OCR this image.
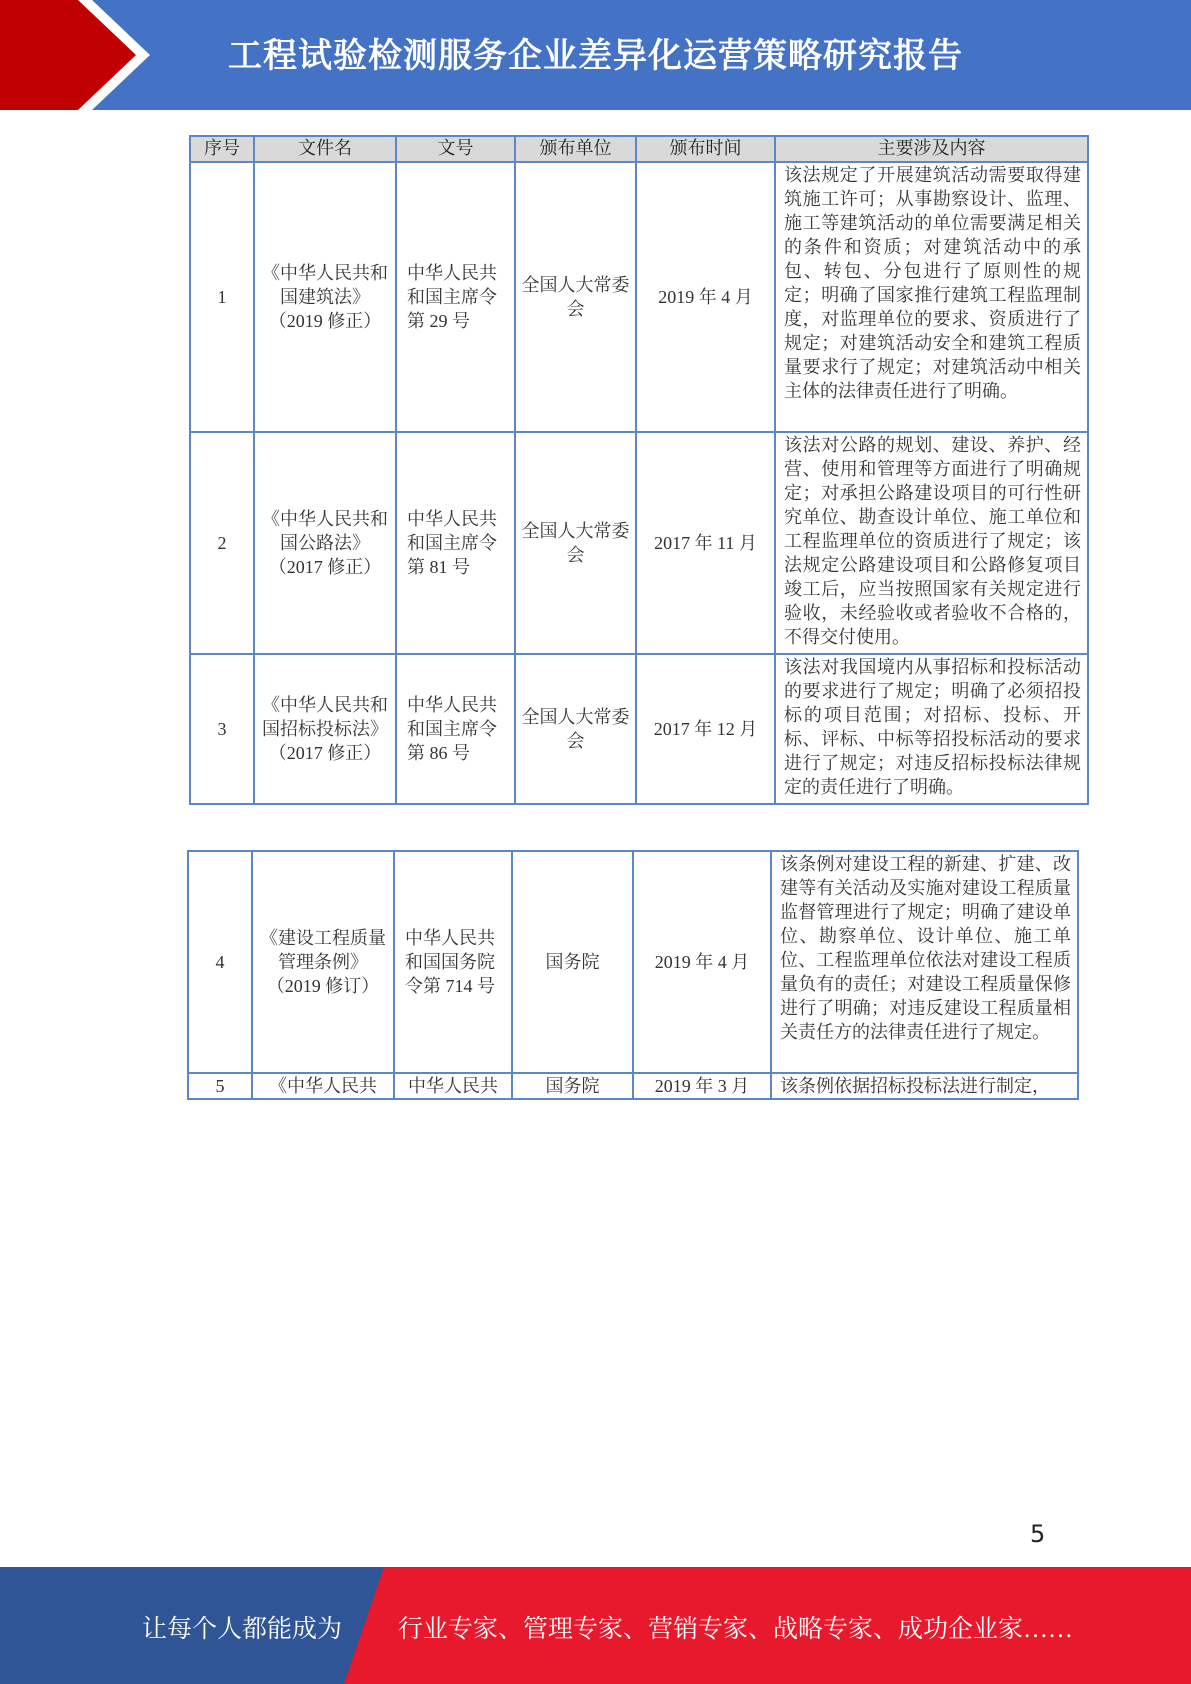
工程试验检测服务企业差异化运营策略研究报告
序号	文件名	文号	颁布单位	颁布时间	主要涉及内容
1	《中华人民共和国建筑法》（2019 修正）	中华人民共和国主席令第 29 号	全国人大常委会	2019 年 4 月	该法规定了开展建筑活动需要取得建筑施工许可；从事勘察设计、监理、施工等建筑活动的单位需要满足相关的条件和资质；对建筑活动中的承包、转包、分包进行了原则性的规定；明确了国家推行建筑工程监理制度，对监理单位的要求、资质进行了规定；对建筑活动安全和建筑工程质量要求行了规定；对建筑活动中相关主体的法律责任进行了明确。
2	《中华人民共和国公路法》（2017 修正）	中华人民共和国主席令第 81 号	全国人大常委会	2017 年 11 月	该法对公路的规划、建设、养护、经营、使用和管理等方面进行了明确规定；对承担公路建设项目的可行性研究单位、勘查设计单位、施工单位和工程监理单位的资质进行了规定；该法规定公路建设项目和公路修复项目竣工后，应当按照国家有关规定进行验收，未经验收或者验收不合格的，不得交付使用。
3	《中华人民共和国招标投标法》（2017 修正）	中华人民共和国主席令第 86 号	全国人大常委会	2017 年 12 月	该法对我国境内从事招标和投标活动的要求进行了规定；明确了必须招投标的项目范围；对招标、投标、开标、评标、中标等招投标活动的要求进行了规定；对违反招标投标法律规定的责任进行了明确。
4	《建设工程质量管理条例》（2019 修订）	中华人民共和国国务院令第 714 号	国务院	2019 年 4 月	该条例对建设工程的新建、扩建、改建等有关活动及实施对建设工程质量监督管理进行了规定；明确了建设单位、勘察单位、设计单位、施工单位、工程监理单位依法对建设工程质量负有的责任；对建设工程质量保修进行了明确；对违反建设工程质量相关责任方的法律责任进行了规定。
5	《中华人民共	中华人民共	国务院	2019 年 3 月	该条例依据招标投标法进行制定，
5
让每个人都能成为 行业专家、管理专家、营销专家、战略专家、成功企业家……
